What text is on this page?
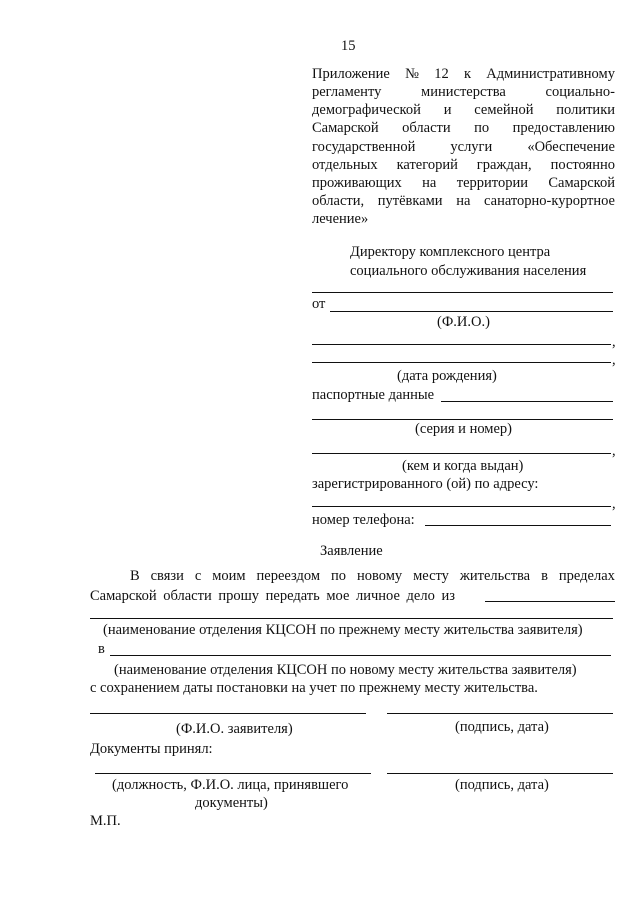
15
Приложение № 12 к Административному
регламенту	министерства	социально-
демографической и семейной политики
Самарской области по предоставлению
государственной услуги «Обеспечение
отдельных категорий граждан, постоянно
проживающих на территории Самарской
области, путёвками на санаторно-курортное
лечение»
Директору комплексного центра
социального обслуживания населения
от
(Ф.И.О.)
,
,
(дата рождения)
паспортные данные
(серия и номер)
,
(кем и когда выдан)
зарегистрированного (ой) по адресу:
,
номер телефона:
Заявление
В связи с моим переездом по новому месту жительства в пределах
Самарской области прошу передать мое личное дело из
(наименование отделения КЦСОН по прежнему месту жительства заявителя)
в
(наименование отделения КЦСОН по новому месту жительства заявителя)
с сохранением даты постановки на учет по прежнему месту жительства.
(Ф.И.О. заявителя)	(подпись, дата)
Документы принял:
(должность, Ф.И.О. лица, принявшего
документы)
(подпись, дата)
М.П.
